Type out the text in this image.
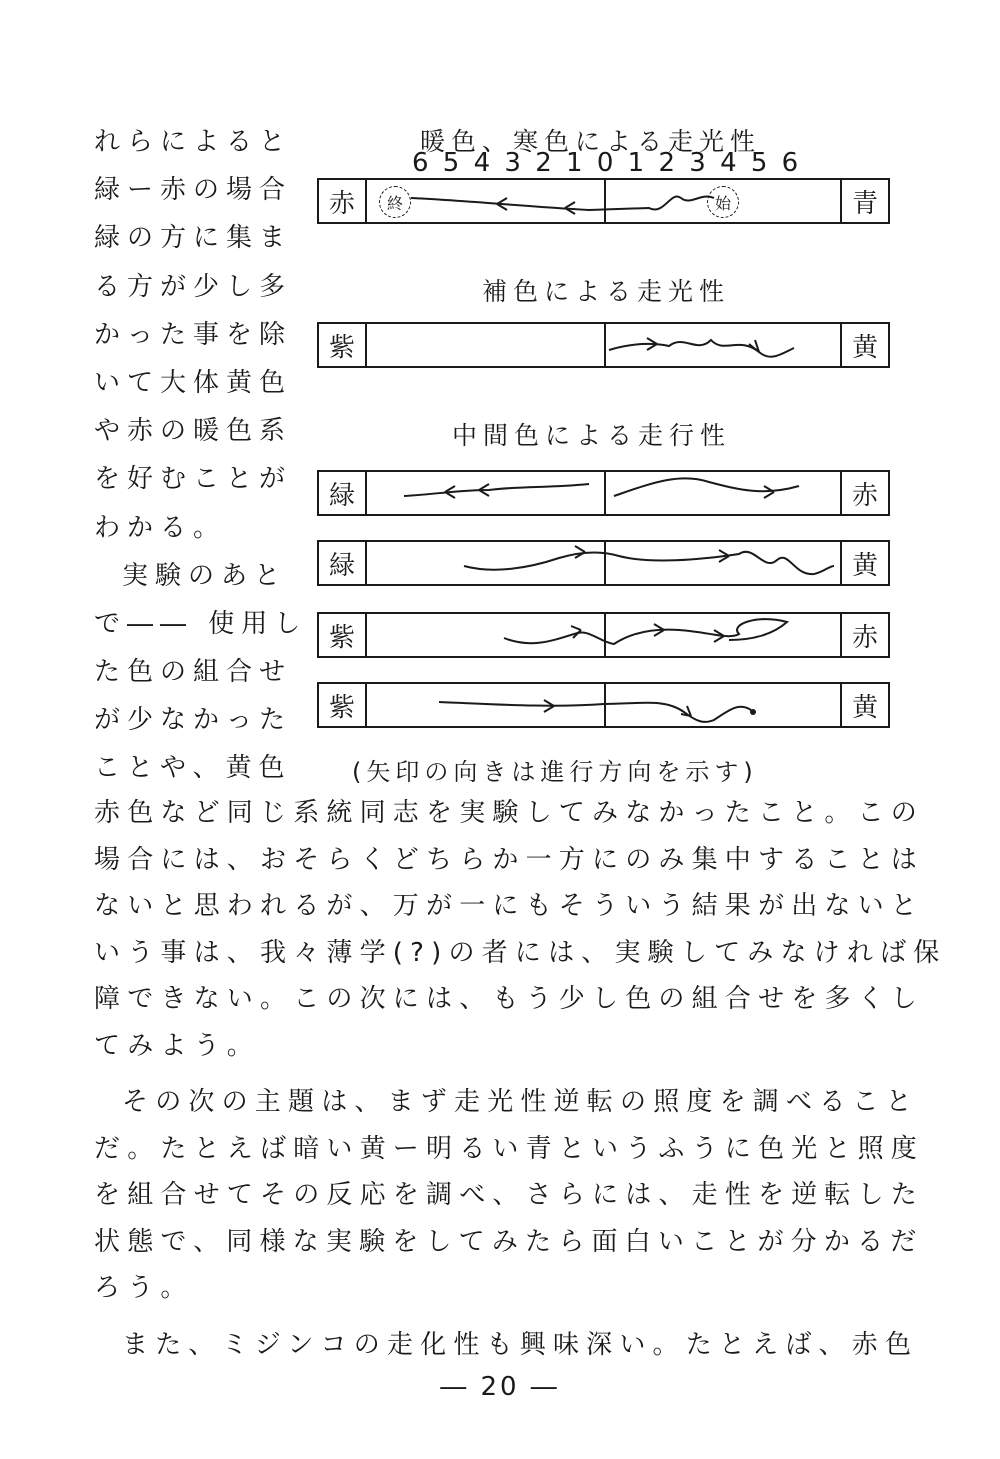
れらによると
緑ー赤の場合
緑の方に集ま
る方が少し多
かった事を除
いて大体黄色
や赤の暖色系
を好むことが
わかる。
実験のあと
で―― 使用し
た色の組合せ
が少なかった
ことや、黄色
暖色、寒色による走光性
6 5 4 3 2 1 0 1 2 3 4 5 6
赤	青
終	始
補色による走光性
紫	黄
中間色による走行性
緑	赤
緑	黄
紫	赤
紫	黄
(矢印の向きは進行方向を示す)
赤色など同じ系統同志を実験してみなかったこと。この
場合には、おそらくどちらか一方にのみ集中することは
ないと思われるが、万が一にもそういう結果が出ないと
いう事は、我々薄学(?)の者には、実験してみなければ保
障できない。この次には、もう少し色の組合せを多くし
てみよう。
その次の主題は、まず走光性逆転の照度を調べること
だ。たとえば暗い黄ー明るい青というふうに色光と照度
を組合せてその反応を調べ、さらには、走性を逆転した
状態で、同様な実験をしてみたら面白いことが分かるだ
ろう。
また、ミジンコの走化性も興味深い。たとえば、赤色
― 20 ―
